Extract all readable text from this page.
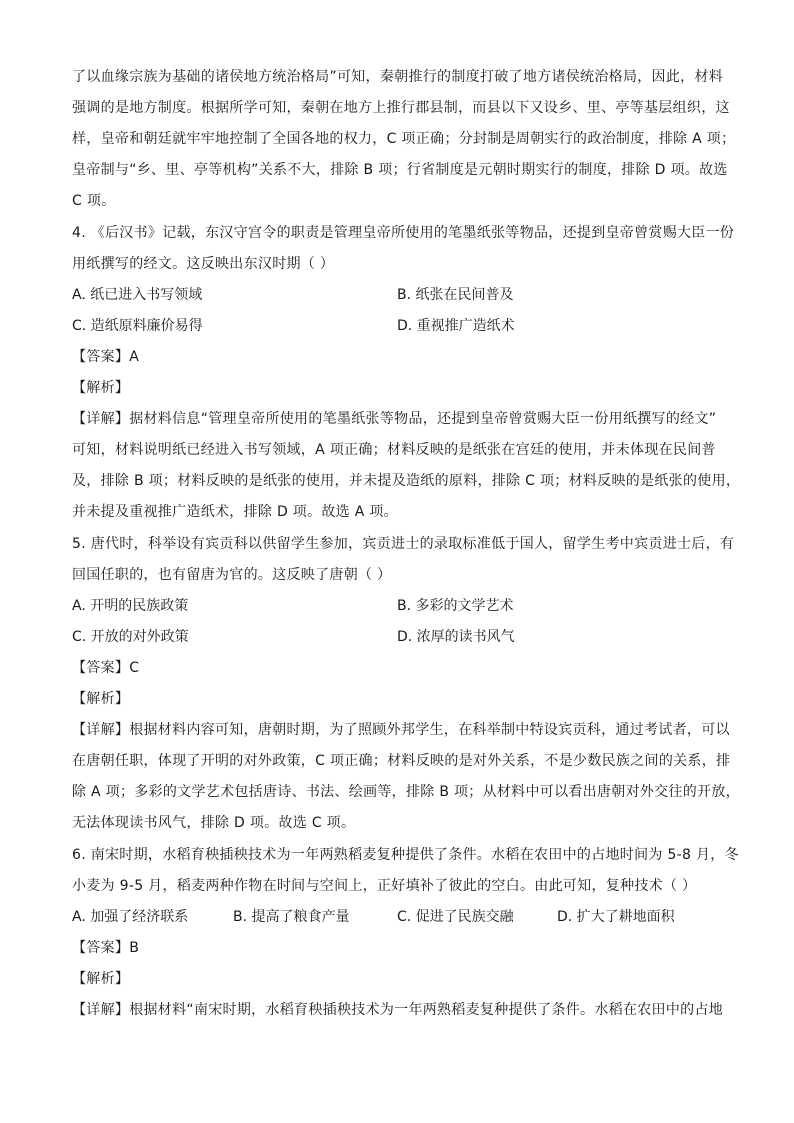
了以血缘宗族为基础的诸侯地方统治格局”可知，秦朝推行的制度打破了地方诸侯统治格局，因此，材料
强调的是地方制度。根据所学可知，秦朝在地方上推行郡县制，而县以下又设乡、里、亭等基层组织，这
样，皇帝和朝廷就牢牢地控制了全国各地的权力，C 项正确；分封制是周朝实行的政治制度，排除 A 项；
皇帝制与“乡、里、亭等机构”关系不大，排除 B 项；行省制度是元朝时期实行的制度，排除 D 项。故选
C 项。
4. 《后汉书》记载，东汉守宫令的职责是管理皇帝所使用的笔墨纸张等物品，还提到皇帝曾赏赐大臣一份
用纸撰写的经文。这反映出东汉时期（ ）
A. 纸已进入书写领域	B. 纸张在民间普及
C. 造纸原料廉价易得	D. 重视推广造纸术
【答案】A
【解析】
【详解】据材料信息“管理皇帝所使用的笔墨纸张等物品，还提到皇帝曾赏赐大臣一份用纸撰写的经文”
可知，材料说明纸已经进入书写领域，A 项正确；材料反映的是纸张在宫廷的使用，并未体现在民间普
及，排除 B 项；材料反映的是纸张的使用，并未提及造纸的原料，排除 C 项；材料反映的是纸张的使用，
并未提及重视推广造纸术，排除 D 项。故选 A 项。
5. 唐代时，科举设有宾贡科以供留学生参加，宾贡进士的录取标准低于国人，留学生考中宾贡进士后，有
回国任职的，也有留唐为官的。这反映了唐朝（ ）
A. 开明的民族政策	B. 多彩的文学艺术
C. 开放的对外政策	D. 浓厚的读书风气
【答案】C
【解析】
【详解】根据材料内容可知，唐朝时期，为了照顾外邦学生，在科举制中特设宾贡科，通过考试者，可以
在唐朝任职，体现了开明的对外政策，C 项正确；材料反映的是对外关系，不是少数民族之间的关系，排
除 A 项；多彩的文学艺术包括唐诗、书法、绘画等，排除 B 项；从材料中可以看出唐朝对外交往的开放，
无法体现读书风气，排除 D 项。故选 C 项。
6. 南宋时期，水稻育秧插秧技术为一年两熟稻麦复种提供了条件。水稻在农田中的占地时间为 5-8 月，冬
小麦为 9-5 月，稻麦两种作物在时间与空间上，正好填补了彼此的空白。由此可知，复种技术（ ）
A. 加强了经济联系	B. 提高了粮食产量	C. 促进了民族交融	D. 扩大了耕地面积
【答案】B
【解析】
【详解】根据材料“南宋时期，水稻育秧插秧技术为一年两熟稻麦复种提供了条件。水稻在农田中的占地
